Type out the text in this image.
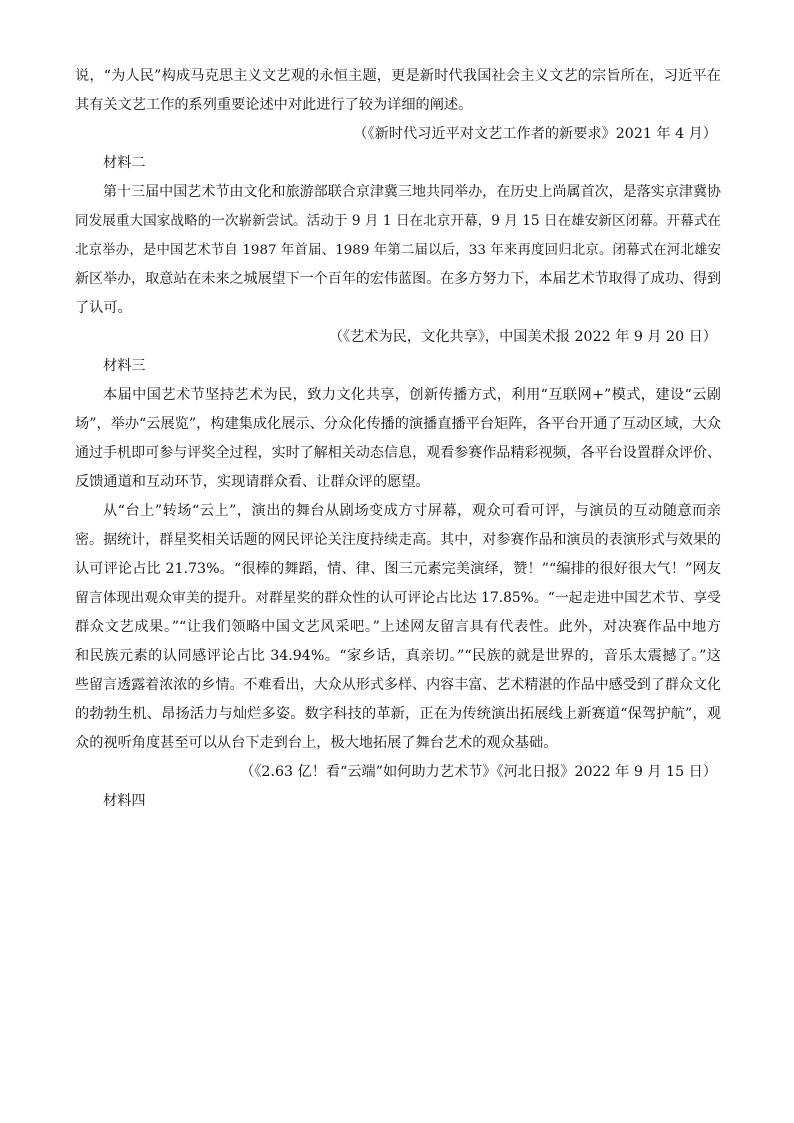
说，“为人民”构成马克思主义文艺观的永恒主题，更是新时代我国社会主义文艺的宗旨所在，习近平在
其有关文艺工作的系列重要论述中对此进行了较为详细的阐述。
（《新时代习近平对文艺工作者的新要求》2021 年 4 月）
材料二
第十三届中国艺术节由文化和旅游部联合京津冀三地共同举办，在历史上尚属首次，是落实京津冀协
同发展重大国家战略的一次崭新尝试。活动于 9 月 1 日在北京开幕，9 月 15 日在雄安新区闭幕。开幕式在
北京举办，是中国艺术节自 1987 年首届、1989 年第二届以后，33 年来再度回归北京。闭幕式在河北雄安
新区举办，取意站在未来之城展望下一个百年的宏伟蓝图。在多方努力下，本届艺术节取得了成功、得到
了认可。
（《艺术为民，文化共享》，中国美术报 2022 年 9 月 20 日）
材料三
本届中国艺术节坚持艺术为民，致力文化共享，创新传播方式，利用“互联网+”模式，建设“云剧
场”，举办“云展览”，构建集成化展示、分众化传播的演播直播平台矩阵，各平台开通了互动区域，大众
通过手机即可参与评奖全过程，实时了解相关动态信息，观看参赛作品精彩视频，各平台设置群众评价、
反馈通道和互动环节，实现请群众看、让群众评的愿望。
从“台上”转场“云上”，演出的舞台从剧场变成方寸屏幕，观众可看可评，与演员的互动随意而亲
密。据统计，群星奖相关话题的网民评论关注度持续走高。其中，对参赛作品和演员的表演形式与效果的
认可评论占比 21.73%。“很棒的舞蹈，情、律、图三元素完美演绎，赞！”“编排的很好很大气！”网友
留言体现出观众审美的提升。对群星奖的群众性的认可评论占比达 17.85%。“一起走进中国艺术节、享受
群众文艺成果。”“让我们领略中国文艺风采吧。”上述网友留言具有代表性。此外，对决赛作品中地方
和民族元素的认同感评论占比 34.94%。“家乡话，真亲切。”“民族的就是世界的，音乐太震撼了。”这
些留言透露着浓浓的乡情。不难看出，大众从形式多样、内容丰富、艺术精湛的作品中感受到了群众文化
的勃勃生机、昂扬活力与灿烂多姿。数字科技的革新，正在为传统演出拓展线上新赛道“保驾护航”，观
众的视听角度甚至可以从台下走到台上，极大地拓展了舞台艺术的观众基础。
（《2.63 亿！看“云端”如何助力艺术节》《河北日报》2022 年 9 月 15 日）
材料四
